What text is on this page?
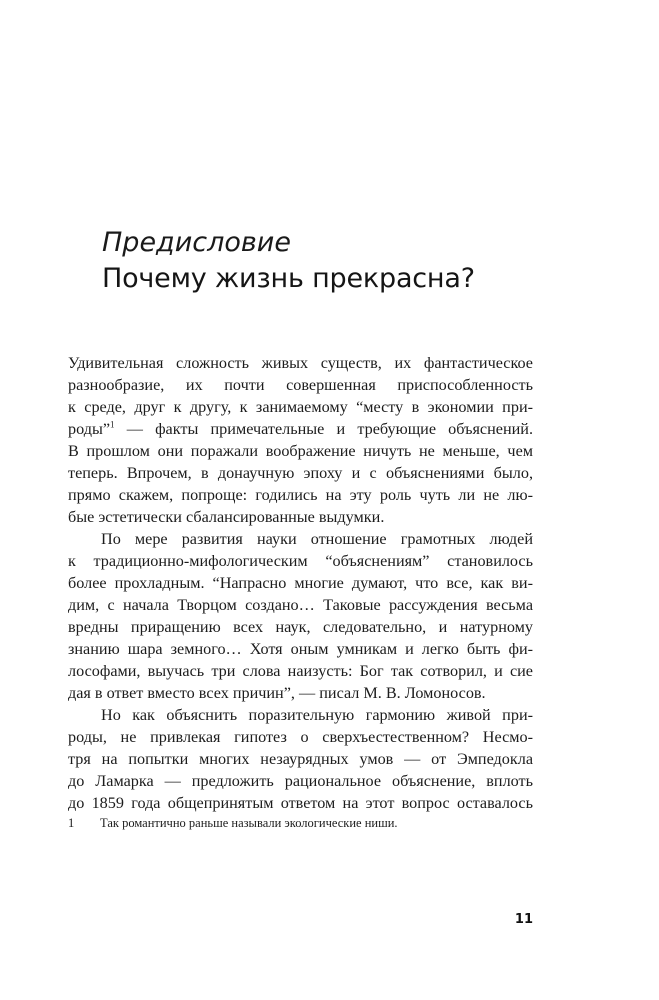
Предисловие
Почему жизнь прекрасна?
Удивительная сложность живых существ, их фантастическое
разнообразие, их почти совершенная приспособленность
к среде, друг к другу, к занимаемому “месту в экономии при-
роды”$^1$ — факты примечательные и требующие объяснений.
В прошлом они поражали воображение ничуть не меньше, чем
теперь. Впрочем, в донаучную эпоху и с объяснениями было,
прямо скажем, попроще: годились на эту роль чуть ли не лю-
бые эстетически сбалансированные выдумки.
По мере развития науки отношение грамотных людей
к традиционно-мифологическим “объяснениям” становилось
более прохладным. “Напрасно многие думают, что все, как ви-
дим, с начала Творцом создано… Таковые рассуждения весьма
вредны приращению всех наук, следовательно, и натурному
знанию шара земного… Хотя оным умникам и легко быть фи-
лософами, выучась три слова наизусть: Бог так сотворил, и сие
дая в ответ вместо всех причин”, — писал М. В. Ломоносов.
Но как объяснить поразительную гармонию живой при-
роды, не привлекая гипотез о сверхъестественном? Несмо-
тря на попытки многих незаурядных умов — от Эмпедокла
до Ламарка — предложить рациональное объяснение, вплоть
до 1859 года общепринятым ответом на этот вопрос оставалось
1 Так романтично раньше называли экологические ниши.
11
